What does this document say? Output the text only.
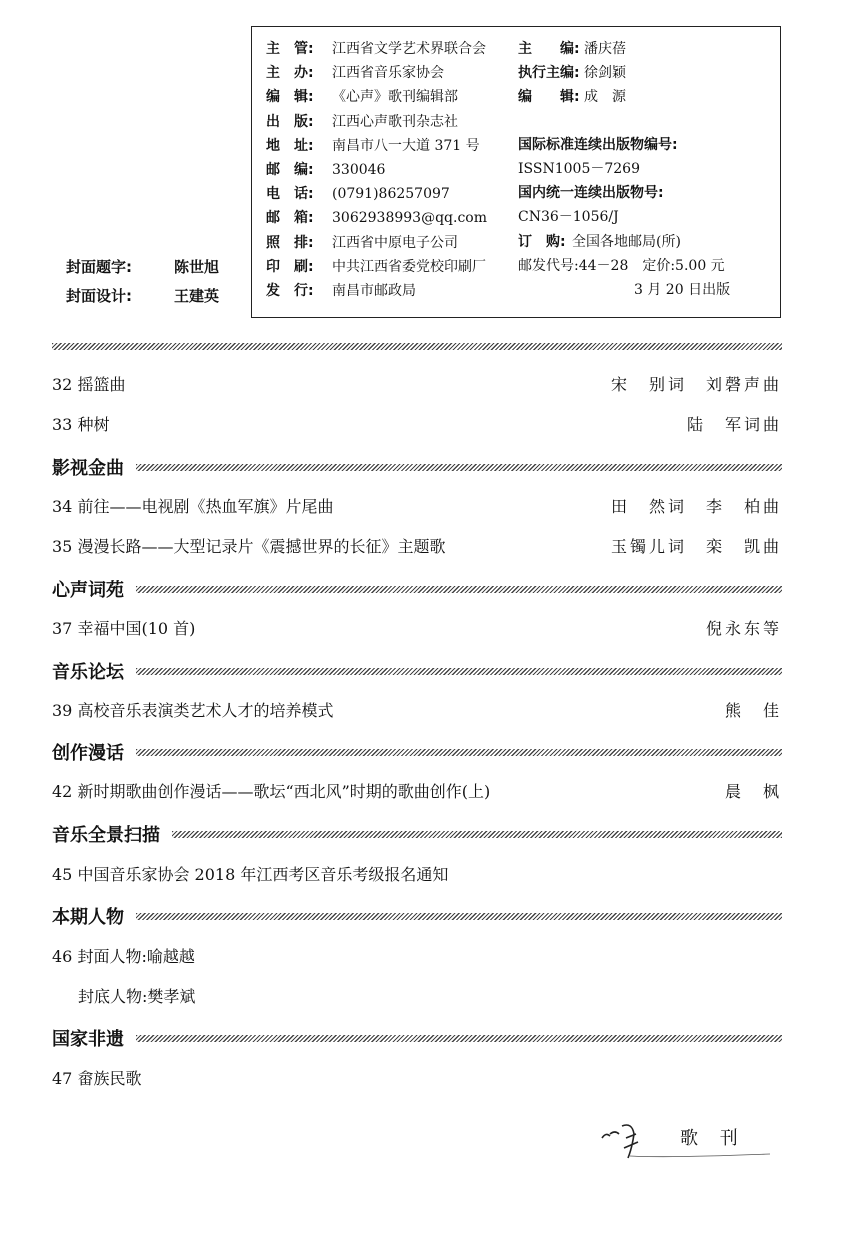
主　管: 江西省文学艺术界联合会
主　办: 江西省音乐家协会
编　辑: 《心声》歌刊编辑部
出　版: 江西心声歌刊杂志社
地　址: 南昌市八一大道 371 号
邮　编: 330046
电　话: (0791)86257097
邮　箱: 3062938993@qq.com
照　排: 江西省中原电子公司
印　刷: 中共江西省委党校印刷厂
发　行: 南昌市邮政局
主　　编: 潘庆蓓
执行主编: 徐剑颖
编　　辑: 成　源
国际标准连续出版物编号:
ISSN1005－7269
国内统一连续出版物号:
CN36－1056/J
订　购: 全国各地邮局(所)
邮发代号:44－28　定价:5.00 元
3 月 20 日出版
封面题字:	陈世旭
封面设计:	王建英
32 摇篮曲	宋　别词　刘磬声曲
33 种树	陆　军词曲
影视金曲
34 前往——电视剧《热血军旗》片尾曲	田　然词　李　柏曲
35 漫漫长路——大型记录片《震撼世界的长征》主题歌	玉镯儿词　栾　凯曲
心声词苑
37 幸福中国(10 首)	倪永东等
音乐论坛
39 高校音乐表演类艺术人才的培养模式	熊　佳
创作漫话
42 新时期歌曲创作漫话——歌坛“西北风”时期的歌曲创作(上)	晨　枫
音乐全景扫描
45 中国音乐家协会 2018 年江西考区音乐考级报名通知
本期人物
46 封面人物:喻越越
封底人物:樊孝斌
国家非遗
47 畲族民歌
歌 刊
